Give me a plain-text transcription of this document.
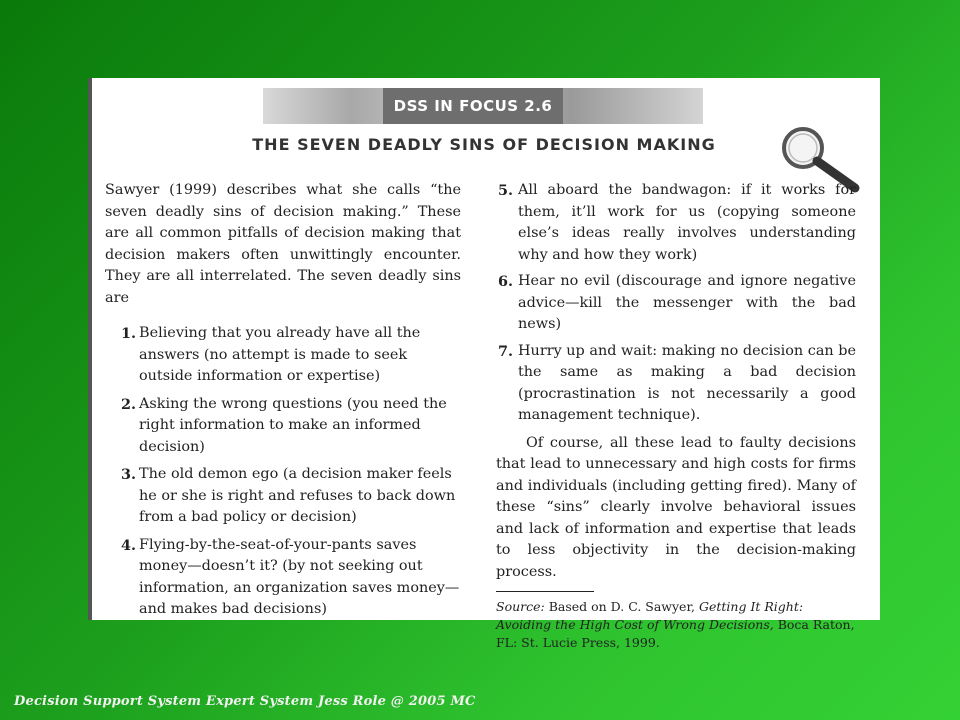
DSS IN FOCUS 2.6
THE SEVEN DEADLY SINS OF DECISION MAKING

Sawyer (1999) describes what she calls “the seven deadly sins of decision making.” These are all common pitfalls of decision making that decision makers often unwittingly encounter. They are all interrelated. The seven deadly sins are

1. Believing that you already have all the answers (no attempt is made to seek outside information or expertise)

2. Asking the wrong questions (you need the right information to make an informed decision)

3. The old demon ego (a decision maker feels he or she is right and refuses to back down from a bad policy or decision)

4. Flying-by-the-seat-of-your-pants saves money—doesn’t it? (by not seeking out information, an organization saves money—and makes bad decisions)

5. All aboard the bandwagon: if it works for them, it’ll work for us (copying someone else’s ideas really involves understanding why and how they work)

6. Hear no evil (discourage and ignore negative advice—kill the messenger with the bad news)

7. Hurry up and wait: making no decision can be the same as making a bad decision (procrastination is not necessarily a good management technique).

Of course, all these lead to faulty decisions that lead to unnecessary and high costs for firms and individuals (including getting fired). Many of these “sins” clearly involve behavioral issues and lack of information and expertise that leads to less objectivity in the decision-making process.

Source: Based on D. C. Sawyer, Getting It Right: Avoiding the High Cost of Wrong Decisions, Boca Raton, FL: St. Lucie Press, 1999.

Decision Support System Expert System Jess Role @ 2005 MC
